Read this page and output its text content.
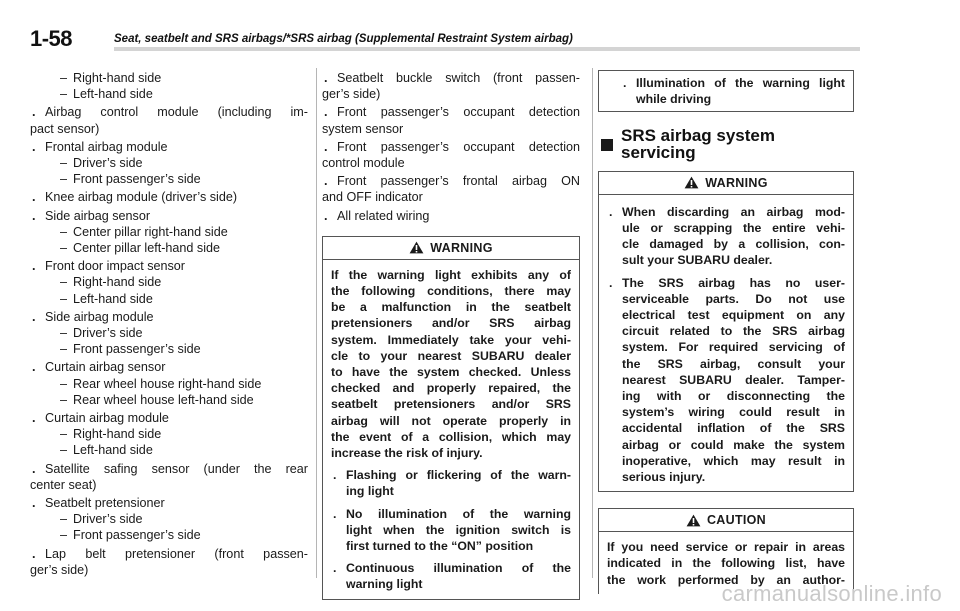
1-58	Seat, seatbelt and SRS airbags/*SRS airbag (Supplemental Restraint System airbag)
– Right-hand side
– Left-hand side
. Airbag control module (including im-
pact sensor)
. Frontal airbag module
– Driver’s side
– Front passenger’s side
. Knee airbag module (driver’s side)
. Side airbag sensor
– Center pillar right-hand side
– Center pillar left-hand side
. Front door impact sensor
– Right-hand side
– Left-hand side
. Side airbag module
– Driver’s side
– Front passenger’s side
. Curtain airbag sensor
– Rear wheel house right-hand side
– Rear wheel house left-hand side
. Curtain airbag module
– Right-hand side
– Left-hand side
. Satellite safing sensor (under the rear
center seat)
. Seatbelt pretensioner
– Driver’s side
– Front passenger’s side
. Lap belt pretensioner (front passen-
ger’s side)
. Seatbelt buckle switch (front passen-
ger’s side)
. Front passenger’s occupant detection
system sensor
. Front passenger’s occupant detection
control module
. Front passenger’s frontal airbag ON
and OFF indicator
. All related wiring
WARNING
If the warning light exhibits any of
the following conditions, there may
be a malfunction in the seatbelt
pretensioners and/or SRS airbag
system. Immediately take your vehi-
cle to your nearest SUBARU dealer
to have the system checked. Unless
checked and properly repaired, the
seatbelt pretensioners and/or SRS
airbag will not operate properly in
the event of a collision, which may
increase the risk of injury.
. Flashing or flickering of the warn-
ing light
. No illumination of the warning
light when the ignition switch is
first turned to the “ON” position
. Continuous illumination of the
warning light
. Illumination of the warning light
while driving
SRS airbag system servicing
WARNING
. When discarding an airbag mod-
ule or scrapping the entire vehi-
cle damaged by a collision, con-
sult your SUBARU dealer.
. The SRS airbag has no user-
serviceable parts. Do not use
electrical test equipment on any
circuit related to the SRS airbag
system. For required servicing of
the SRS airbag, consult your
nearest SUBARU dealer. Tamper-
ing with or disconnecting the
system’s wiring could result in
accidental inflation of the SRS
airbag or could make the system
inoperative, which may result in
serious injury.
CAUTION
If you need service or repair in areas
indicated in the following list, have
the work performed by an author-
carmanualsonline.info
